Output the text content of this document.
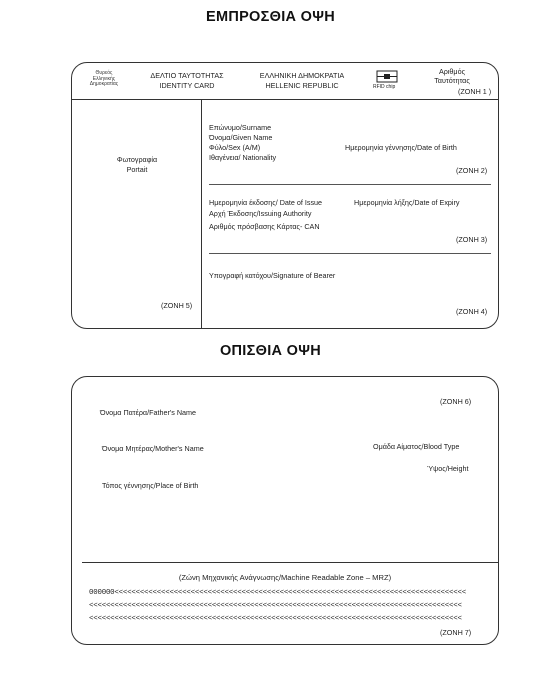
ΕΜΠΡΟΣΘΙΑ ΟΨΗ
Θυρεός Ελληνικής Δημοκρατίας
ΔΕΛΤΙΟ ΤΑΥΤΟΤΗΤΑΣ
IDENTITY CARD
ΕΛΛΗΝΙΚΗ ΔΗΜΟΚΡΑΤΙΑ
HELLENIC REPUBLIC	RFID chip
Αριθμός
Ταυτότητας
(ΖΟΝΗ 1 )
Φωτογραφία
Portait
(ΖΟΝΗ 5)
Επώνυμο/Surname
Όνομα/Given Name
Φύλο/Sex (A/M)
Ιθαγένεια/ Nationality
Ημερομηνία γέννησης/Date of Birth
(ΖΟΝΗ 2)
Ημερομηνία έκδοσης/ Date of Issue	Ημερομηνία λήξης/Date of Expiry
Αρχή Έκδοσης/Issuing Authority
Αριθμός πρόσβασης Κάρτας- CAN
(ΖΟΝΗ 3)
Υπογραφή κατόχου/Signature of Bearer
(ΖΟΝΗ 4)
ΟΠΙΣΘΙΑ ΟΨΗ
(ΖΟΝΗ 6)
Όνομα Πατέρα/Father's Name
Όνομα Μητέρας/Mother's Name	Ομάδα Αίματος/Blood Type
Ύψος/Height
Τόπος γέννησης/Place of Birth
(Ζώνη Μηχανικής Ανάγνωσης/Machine Readable Zone – MRZ)
000000<<<<<<<<<<<<<<<<<<<<<<<<<<<<<<<<<<<<<<<<<<<<<<<<<<<<<<<<<<<<<<<<<<<<<<<<<<<<<<<<<<<
<<<<<<<<<<<<<<<<<<<<<<<<<<<<<<<<<<<<<<<<<<<<<<<<<<<<<<<<<<<<<<<<<<<<<<<<<<<<<<<<<<<<<<<<
<<<<<<<<<<<<<<<<<<<<<<<<<<<<<<<<<<<<<<<<<<<<<<<<<<<<<<<<<<<<<<<<<<<<<<<<<<<<<<<<<<<<<<<<
(ΖΟΝΗ 7)
